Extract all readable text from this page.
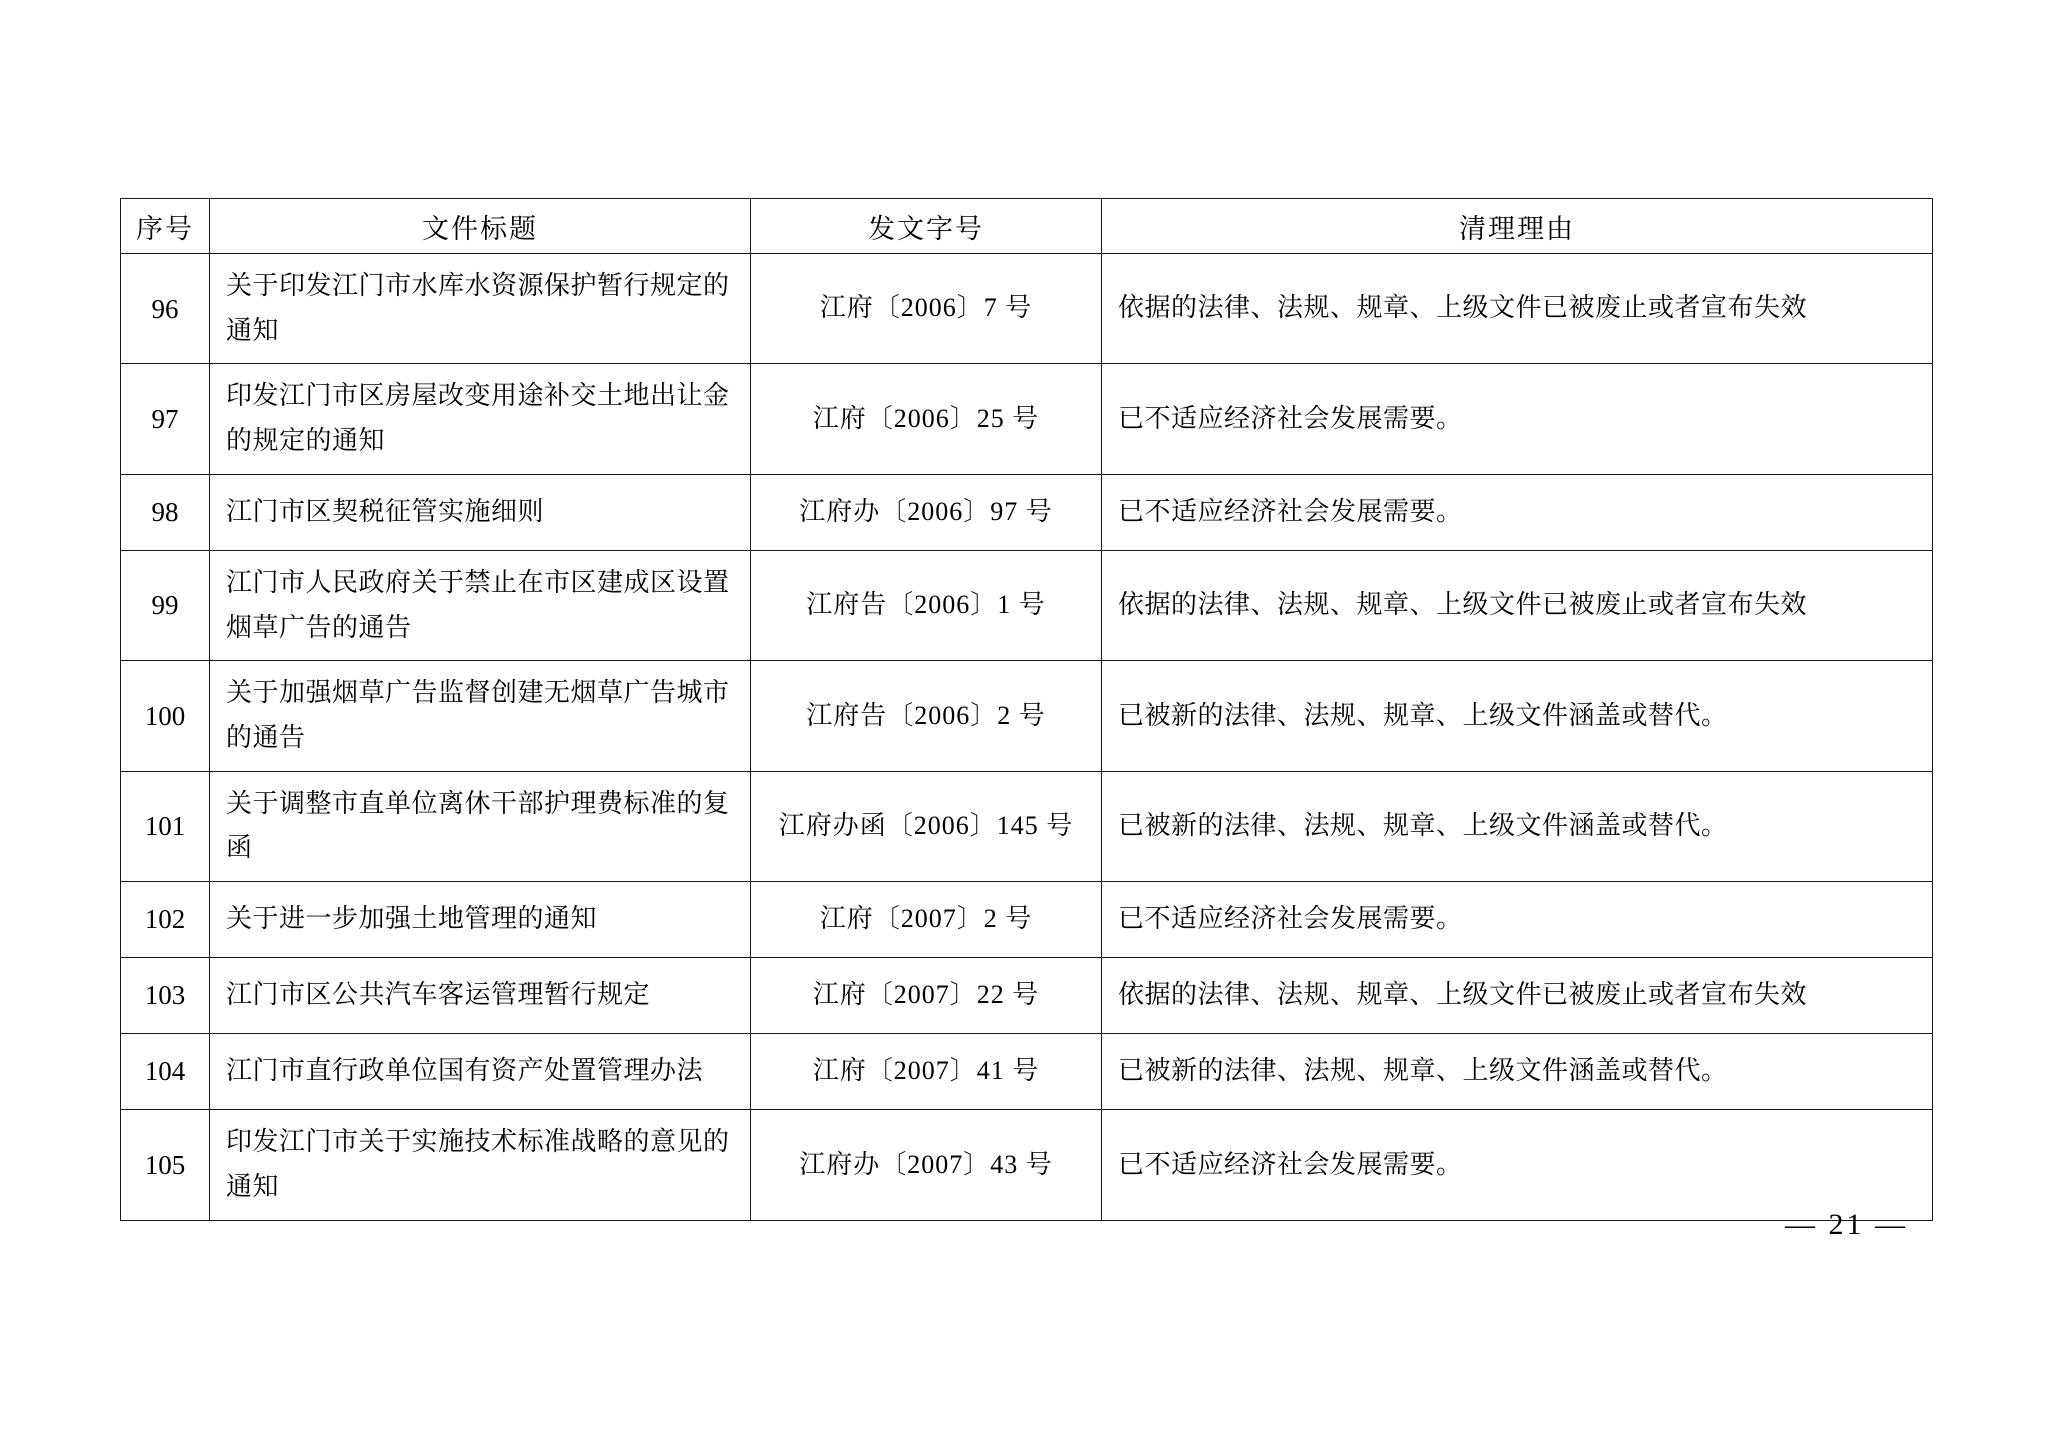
序号	文件标题	发文字号	清理理由
96	关于印发江门市水库水资源保护暂行规定的通知	江府〔2006〕7 号	依据的法律、法规、规章、上级文件已被废止或者宣布失效
97	印发江门市区房屋改变用途补交土地出让金的规定的通知	江府〔2006〕25 号	已不适应经济社会发展需要。
98	江门市区契税征管实施细则	江府办〔2006〕97 号	已不适应经济社会发展需要。
99	江门市人民政府关于禁止在市区建成区设置烟草广告的通告	江府告〔2006〕1 号	依据的法律、法规、规章、上级文件已被废止或者宣布失效
100	关于加强烟草广告监督创建无烟草广告城市的通告	江府告〔2006〕2 号	已被新的法律、法规、规章、上级文件涵盖或替代。
101	关于调整市直单位离休干部护理费标准的复函	江府办函〔2006〕145 号	已被新的法律、法规、规章、上级文件涵盖或替代。
102	关于进一步加强土地管理的通知	江府〔2007〕2 号	已不适应经济社会发展需要。
103	江门市区公共汽车客运管理暂行规定	江府〔2007〕22 号	依据的法律、法规、规章、上级文件已被废止或者宣布失效
104	江门市直行政单位国有资产处置管理办法	江府〔2007〕41 号	已被新的法律、法规、规章、上级文件涵盖或替代。
105	印发江门市关于实施技术标准战略的意见的通知	江府办〔2007〕43 号	已不适应经济社会发展需要。
— 21 —
